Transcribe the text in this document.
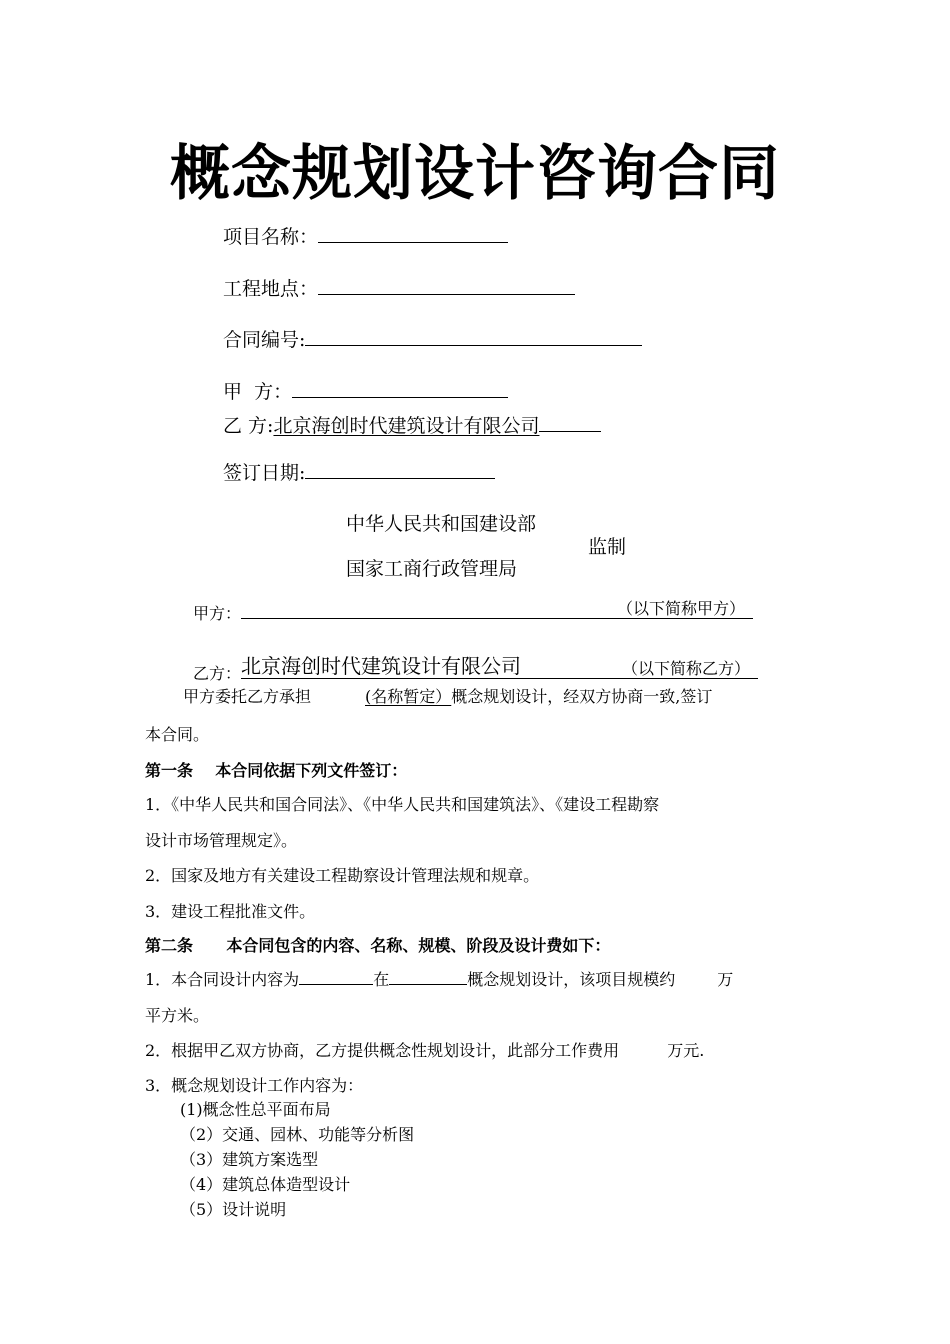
概念规划设计咨询合同
项目名称：
工程地点：
合同编号:
甲  方：
乙 方:北京海创时代建筑设计有限公司
签订日期:
中华人民共和国建设部
监制
国家工商行政管理局
甲方：	（以下简称甲方）
乙方： 北京海创时代建筑设计有限公司	（以下简称乙方）
甲方委托乙方承担	(名称暂定）概念规划设计，经双方协商一致,签订
本合同。
第一条    本合同依据下列文件签订：
1．《中华人民共和国合同法》、《中华人民共和国建筑法》、《建设工程勘察
设计市场管理规定》。
2．国家及地方有关建设工程勘察设计管理法规和规章。
3．建设工程批准文件。
第二条      本合同包含的内容、名称、规模、阶段及设计费如下：
1．本合同设计内容为	在	概念规划设计，该项目规模约	万
平方米。
2．根据甲乙双方协商，乙方提供概念性规划设计，此部分工作费用	万元.
3．概念规划设计工作内容为：
(1)概念性总平面布局
（2）交通、园林、功能等分析图
（3）建筑方案选型
（4）建筑总体造型设计
（5）设计说明
